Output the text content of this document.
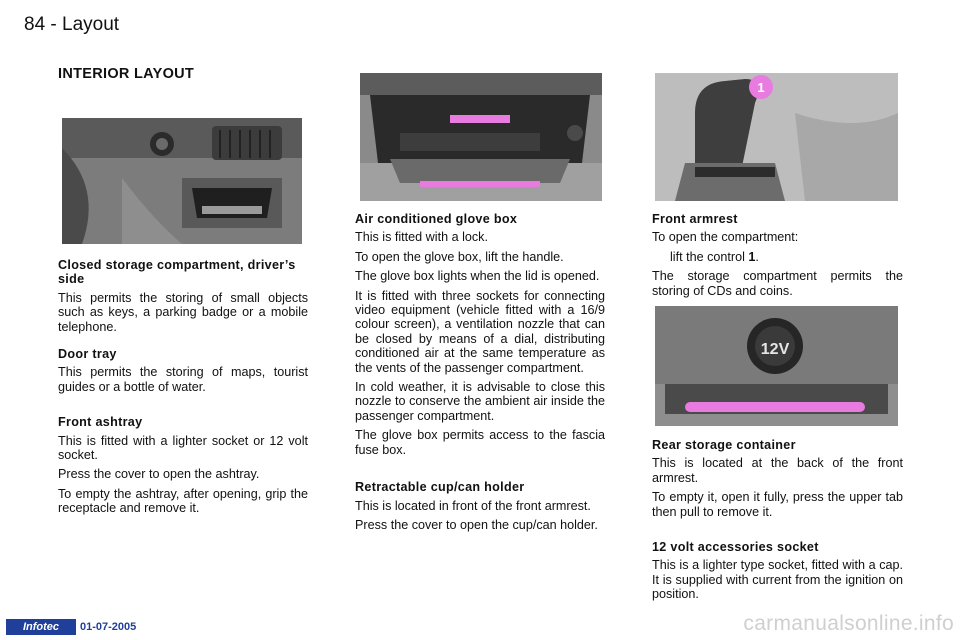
84 - Layout
INTERIOR LAYOUT
1
12V
Closed storage compartment, driver’s side

This permits the storing of small objects such as keys, a parking badge or a mobile telephone.

Door tray

This permits the storing of maps, tourist guides or a bottle of water.

Front ashtray

This is fitted with a lighter socket or 12 volt socket.

Press the cover to open the ashtray.

To empty the ashtray, after opening, grip the receptacle and remove it.

Air conditioned glove box

This is fitted with a lock.

To open the glove box, lift the handle.

The glove box lights when the lid is opened.

It is fitted with three sockets for connecting video equipment (vehicle fitted with a 16/9 colour screen), a ventilation nozzle that can be closed by means of a dial, distributing conditioned air at the same temperature as the vents of the passenger compartment.

In cold weather, it is advisable to close this nozzle to conserve the ambient air inside the passenger compartment.

The glove box permits access to the fascia fuse box.

Retractable cup/can holder

This is located in front of the front armrest.

Press the cover to open the cup/can holder.

Front armrest

To open the compartment:

lift the control 1.

The storage compartment permits the storing of CDs and coins.

Rear storage container

This is located at the back of the front armrest.

To empty it, open it fully, press the upper tab then pull to remove it.

12 volt accessories socket

This is a lighter type socket, fitted with a cap. It is supplied with current from the ignition on position.

Infotec	01-07-2005	carmanualsonline.info
